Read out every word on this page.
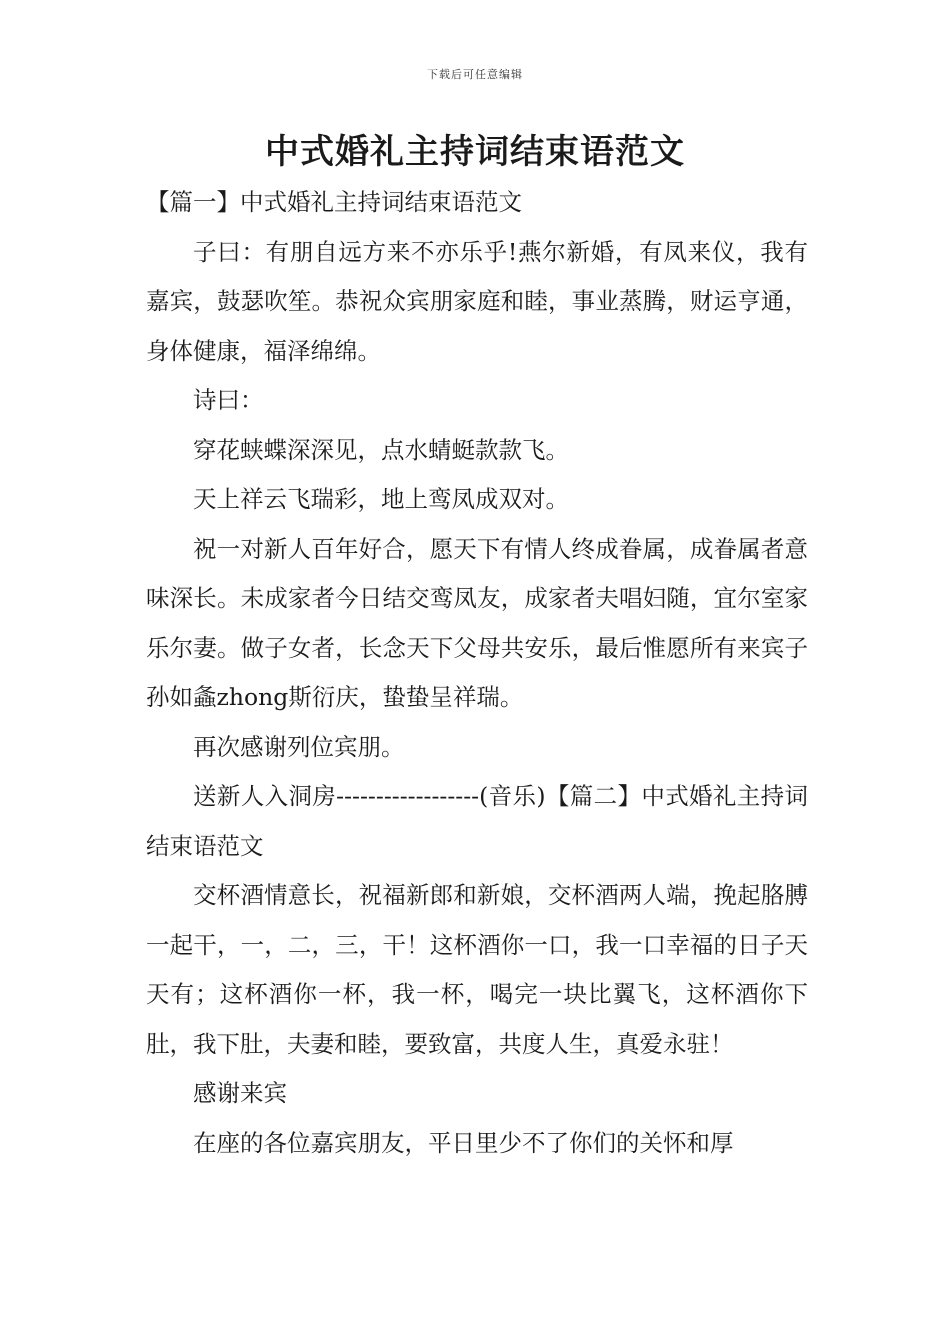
下载后可任意编辑
中式婚礼主持词结束语范文

【篇一】中式婚礼主持词结束语范文

子曰：有朋自远方来不亦乐乎!燕尔新婚，有凤来仪，我有嘉宾，鼓瑟吹笙。恭祝众宾朋家庭和睦，事业蒸腾，财运亨通，身体健康，福泽绵绵。

诗曰：

穿花蛱蝶深深见，点水蜻蜓款款飞。

天上祥云飞瑞彩，地上鸾凤成双对。

祝一对新人百年好合，愿天下有情人终成眷属，成眷属者意味深长。未成家者今日结交鸾凤友，成家者夫唱妇随，宜尔室家乐尔妻。做子女者，长念天下父母共安乐，最后惟愿所有来宾子孙如螽zhong斯衍庆，蛰蛰呈祥瑞。

再次感谢列位宾朋。

送新人入洞房------------------(音乐)【篇二】中式婚礼主持词结束语范文

交杯酒情意长，祝福新郎和新娘，交杯酒两人端，挽起胳膊一起干，一，二，三，干！这杯酒你一口，我一口幸福的日子天天有；这杯酒你一杯，我一杯，喝完一块比翼飞，这杯酒你下肚，我下肚，夫妻和睦，要致富，共度人生，真爱永驻！

感谢来宾

在座的各位嘉宾朋友，平日里少不了你们的关怀和厚
